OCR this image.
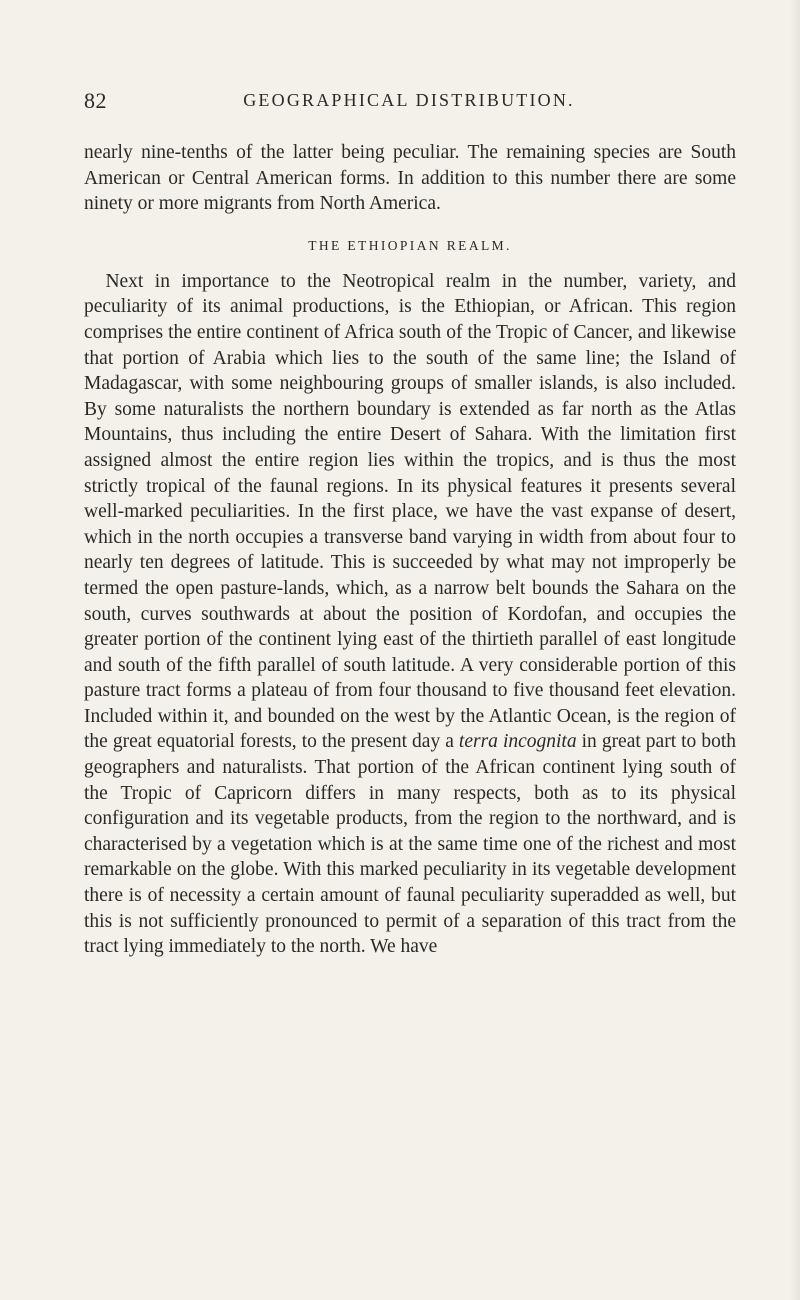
82	GEOGRAPHICAL DISTRIBUTION.

nearly nine-tenths of the latter being peculiar. The remaining species are South American or Central American forms. In addition to this number there are some ninety or more migrants from North America.

THE ETHIOPIAN REALM.

Next in importance to the Neotropical realm in the number, variety, and peculiarity of its animal productions, is the Ethiopian, or African. This region comprises the entire continent of Africa south of the Tropic of Cancer, and likewise that portion of Arabia which lies to the south of the same line; the Island of Madagascar, with some neighbouring groups of smaller islands, is also included. By some naturalists the northern boundary is extended as far north as the Atlas Mountains, thus including the entire Desert of Sahara. With the limitation first assigned almost the entire region lies within the tropics, and is thus the most strictly tropical of the faunal regions. In its physical features it presents several well-marked peculiarities. In the first place, we have the vast expanse of desert, which in the north occupies a transverse band varying in width from about four to nearly ten degrees of latitude. This is succeeded by what may not improperly be termed the open pasture-lands, which, as a narrow belt bounds the Sahara on the south, curves southwards at about the position of Kordofan, and occupies the greater portion of the continent lying east of the thirtieth parallel of east longitude and south of the fifth parallel of south latitude. A very considerable portion of this pasture tract forms a plateau of from four thousand to five thousand feet elevation. Included within it, and bounded on the west by the Atlantic Ocean, is the region of the great equatorial forests, to the present day a terra incognita in great part to both geographers and naturalists. That portion of the African continent lying south of the Tropic of Capricorn differs in many respects, both as to its physical configuration and its vegetable products, from the region to the northward, and is characterised by a vegetation which is at the same time one of the richest and most remarkable on the globe. With this marked peculiarity in its vegetable development there is of necessity a certain amount of faunal peculiarity superadded as well, but this is not sufficiently pronounced to permit of a separation of this tract from the tract lying immediately to the north. We have
